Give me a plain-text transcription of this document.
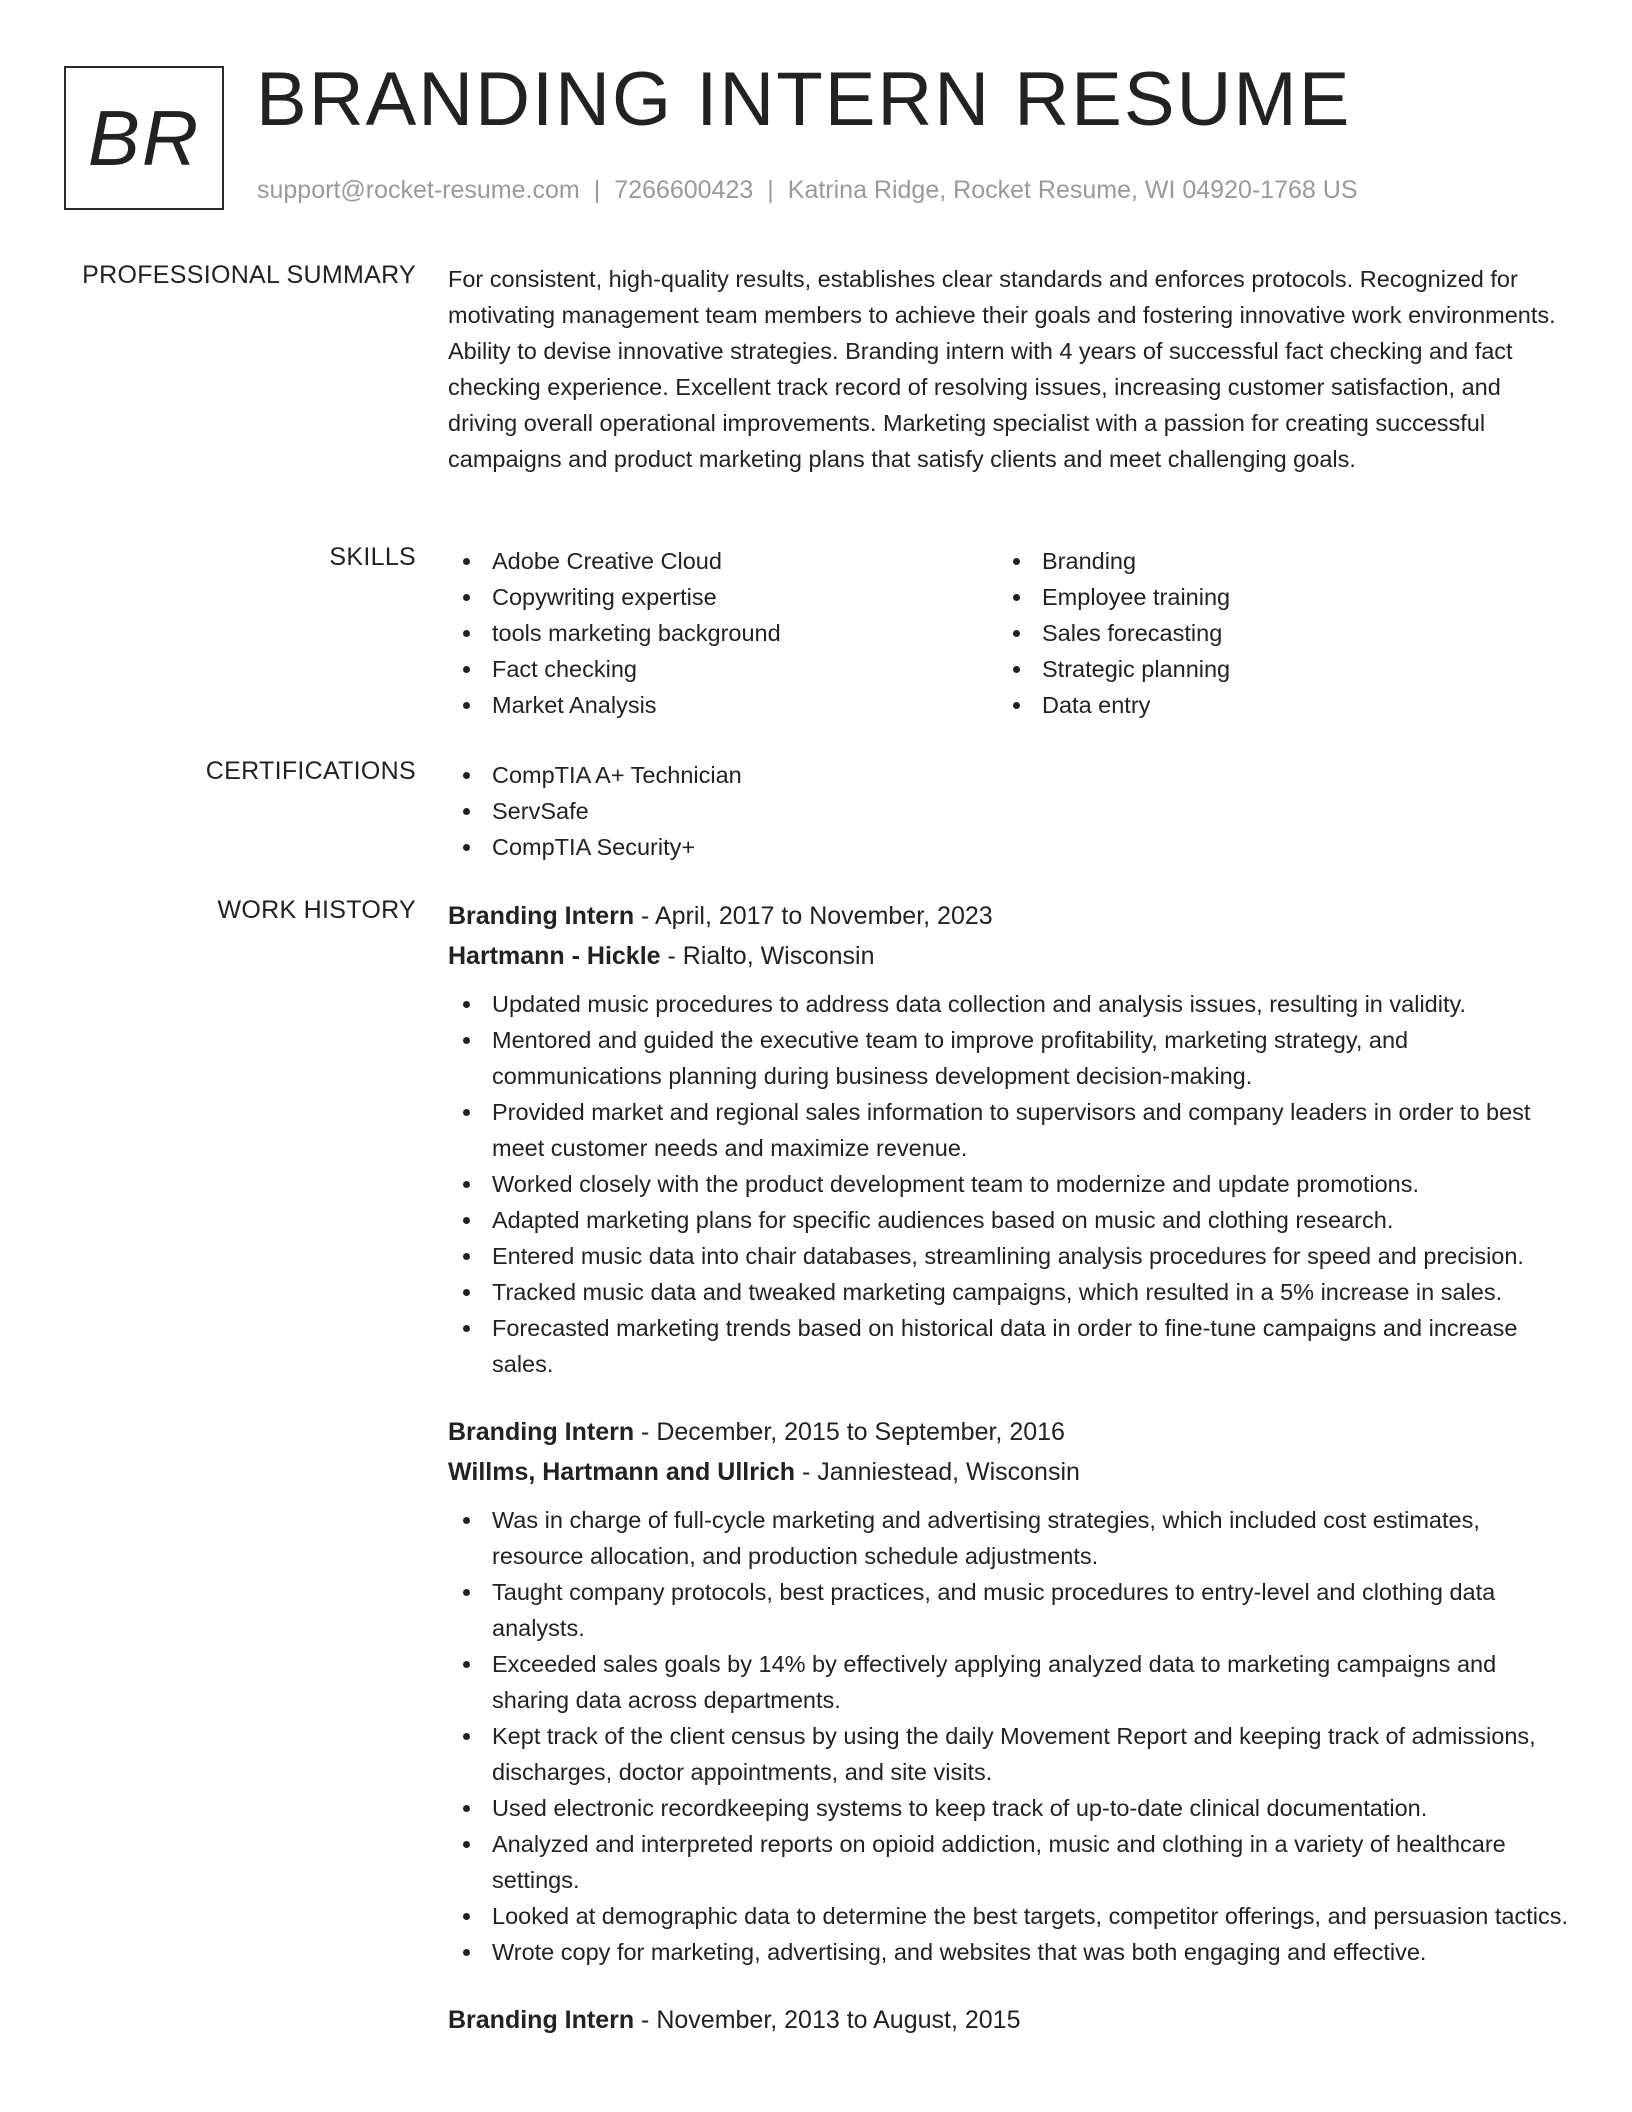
BR BRANDING INTERN RESUME
support@rocket-resume.com | 7266600423 | Katrina Ridge, Rocket Resume, WI 04920-1768 US
PROFESSIONAL SUMMARY For consistent, high-quality results, establishes clear standards and enforces protocols. Recognized for motivating management team members to achieve their goals and fostering innovative work environments. Ability to devise innovative strategies. Branding intern with 4 years of successful fact checking and fact checking experience. Excellent track record of resolving issues, increasing customer satisfaction, and driving overall operational improvements. Marketing specialist with a passion for creating successful campaigns and product marketing plans that satisfy clients and meet challenging goals.
SKILLS	Adobe Creative Cloud
Copywriting expertise
tools marketing background
Fact checking
Market Analysis
Branding
Employee training
Sales forecasting
Strategic planning
Data entry
CERTIFICATIONS	CompTIA A+ Technician
ServSafe
CompTIA Security+
WORK HISTORY Branding Intern - April, 2017 to November, 2023
Hartmann - Hickle - Rialto, Wisconsin
Updated music procedures to address data collection and analysis issues, resulting in validity.
Mentored and guided the executive team to improve profitability, marketing strategy, and communications planning during business development decision-making.
Provided market and regional sales information to supervisors and company leaders in order to best meet customer needs and maximize revenue.
Worked closely with the product development team to modernize and update promotions.
Adapted marketing plans for specific audiences based on music and clothing research.
Entered music data into chair databases, streamlining analysis procedures for speed and precision.
Tracked music data and tweaked marketing campaigns, which resulted in a 5% increase in sales.
Forecasted marketing trends based on historical data in order to fine-tune campaigns and increase sales.
Branding Intern - December, 2015 to September, 2016
Willms, Hartmann and Ullrich - Janniestead, Wisconsin
Was in charge of full-cycle marketing and advertising strategies, which included cost estimates, resource allocation, and production schedule adjustments.
Taught company protocols, best practices, and music procedures to entry-level and clothing data analysts.
Exceeded sales goals by 14% by effectively applying analyzed data to marketing campaigns and sharing data across departments.
Kept track of the client census by using the daily Movement Report and keeping track of admissions, discharges, doctor appointments, and site visits.
Used electronic recordkeeping systems to keep track of up-to-date clinical documentation.
Analyzed and interpreted reports on opioid addiction, music and clothing in a variety of healthcare settings.
Looked at demographic data to determine the best targets, competitor offerings, and persuasion tactics.
Wrote copy for marketing, advertising, and websites that was both engaging and effective.
Branding Intern - November, 2013 to August, 2015
